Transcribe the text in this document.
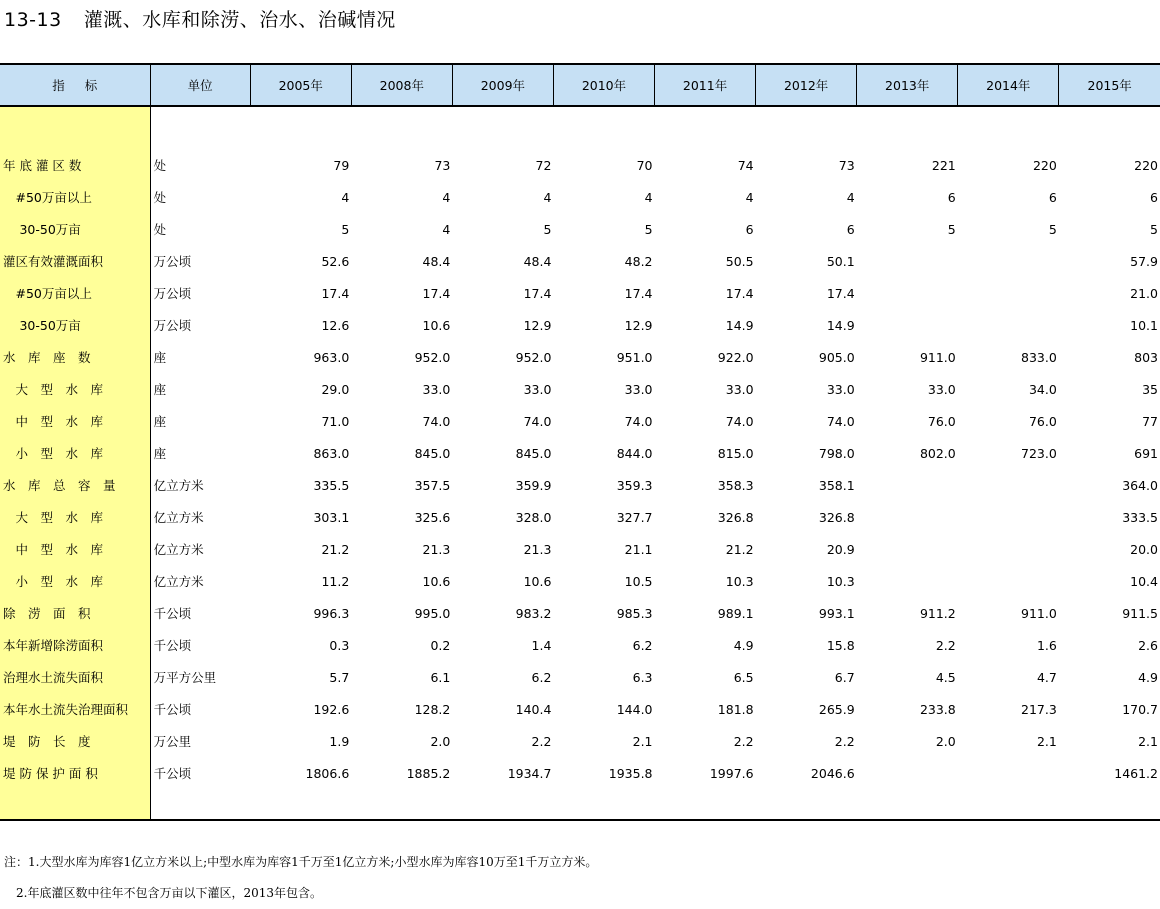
13-13 灌溉、水库和除涝、治水、治碱情况
指标	单位	2005年	2008年	2009年	2010年	2011年	2012年	2013年	2014年	2015年

年 底 灌 区 数	处	79	73	72	70	74	73	221	220	220
　#50万亩以上	处	4	4	4	4	4	4	6	6	6
　 30-50万亩	处	5	4	5	5	6	6	5	5	5
灌区有效灌溉面积	万公顷	52.6	48.4	48.4	48.2	50.5	50.1			57.9
　#50万亩以上	万公顷	17.4	17.4	17.4	17.4	17.4	17.4			21.0
　 30-50万亩	万公顷	12.6	10.6	12.9	12.9	14.9	14.9			10.1
水　库　座　数	座	963.0	952.0	952.0	951.0	922.0	905.0	911.0	833.0	803
　大　型　水　库	座	29.0	33.0	33.0	33.0	33.0	33.0	33.0	34.0	35
　中　型　水　库	座	71.0	74.0	74.0	74.0	74.0	74.0	76.0	76.0	77
　小　型　水　库	座	863.0	845.0	845.0	844.0	815.0	798.0	802.0	723.0	691
水　库　总　容　量	亿立方米	335.5	357.5	359.9	359.3	358.3	358.1			364.0
　大　型　水　库	亿立方米	303.1	325.6	328.0	327.7	326.8	326.8			333.5
　中　型　水　库	亿立方米	21.2	21.3	21.3	21.1	21.2	20.9			20.0
　小　型　水　库	亿立方米	11.2	10.6	10.6	10.5	10.3	10.3			10.4
除　涝　面　积	千公顷	996.3	995.0	983.2	985.3	989.1	993.1	911.2	911.0	911.5
本年新增除涝面积	千公顷	0.3	0.2	1.4	6.2	4.9	15.8	2.2	1.6	2.6
治理水土流失面积	万平方公里	5.7	6.1	6.2	6.3	6.5	6.7	4.5	4.7	4.9
本年水土流失治理面积	千公顷	192.6	128.2	140.4	144.0	181.8	265.9	233.8	217.3	170.7
堤　防　长　度	万公里	1.9	2.0	2.2	2.1	2.2	2.2	2.0	2.1	2.1
堤 防 保 护 面 积	千公顷	1806.6	1885.2	1934.7	1935.8	1997.6	2046.6			1461.2

注：1.大型水库为库容1亿立方米以上;中型水库为库容1千万至1亿立方米;小型水库为库容10万至1千万立方米。
2.年底灌区数中往年不包含万亩以下灌区，2013年包含。
